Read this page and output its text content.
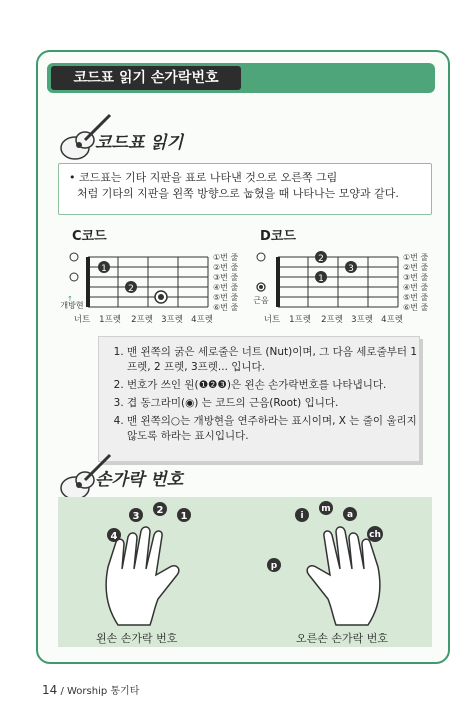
코드표 읽기 손가락번호
코드표 읽기
• 코드표는 기타 지판을 표로 나타낸 것으로 오른쪽 그림
처럼 기타의 지판을 왼쪽 방향으로 눕혔을 때 나타나는 모양과 같다.
C코드
1
2
↑
개방현
①번 줄
②번 줄
③번 줄
④번 줄
⑤번 줄
⑥번 줄
너트 1프렛 2프렛 3프렛 4프렛
D코드
2
3
1
근음
①번 줄
②번 줄
③번 줄
④번 줄
⑤번 줄
⑥번 줄
너트 1프렛 2프렛 3프렛 4프렛
1. 맨 왼쪽의 굵은 세로줄은 너트 (Nut)이며, 그 다음 세로줄부터 1프렛, 2 프렛, 3프렛... 입니다.
2. 번호가 쓰인 원(❶❷❸)은 왼손 손가락번호를 나타냅니다.
3. 겹 동그라미(◉) 는 코드의 근음(Root) 입니다.
4. 맨 왼쪽의○는 개방현을 연주하라는 표시이며, X 는 줄이 울리지 않도록 하라는 표시입니다.
손가락 번호
4
3
2
1	i
m
a
ch
p
왼손 손가락 번호	오른손 손가락 번호
14 / Worship 통기타
